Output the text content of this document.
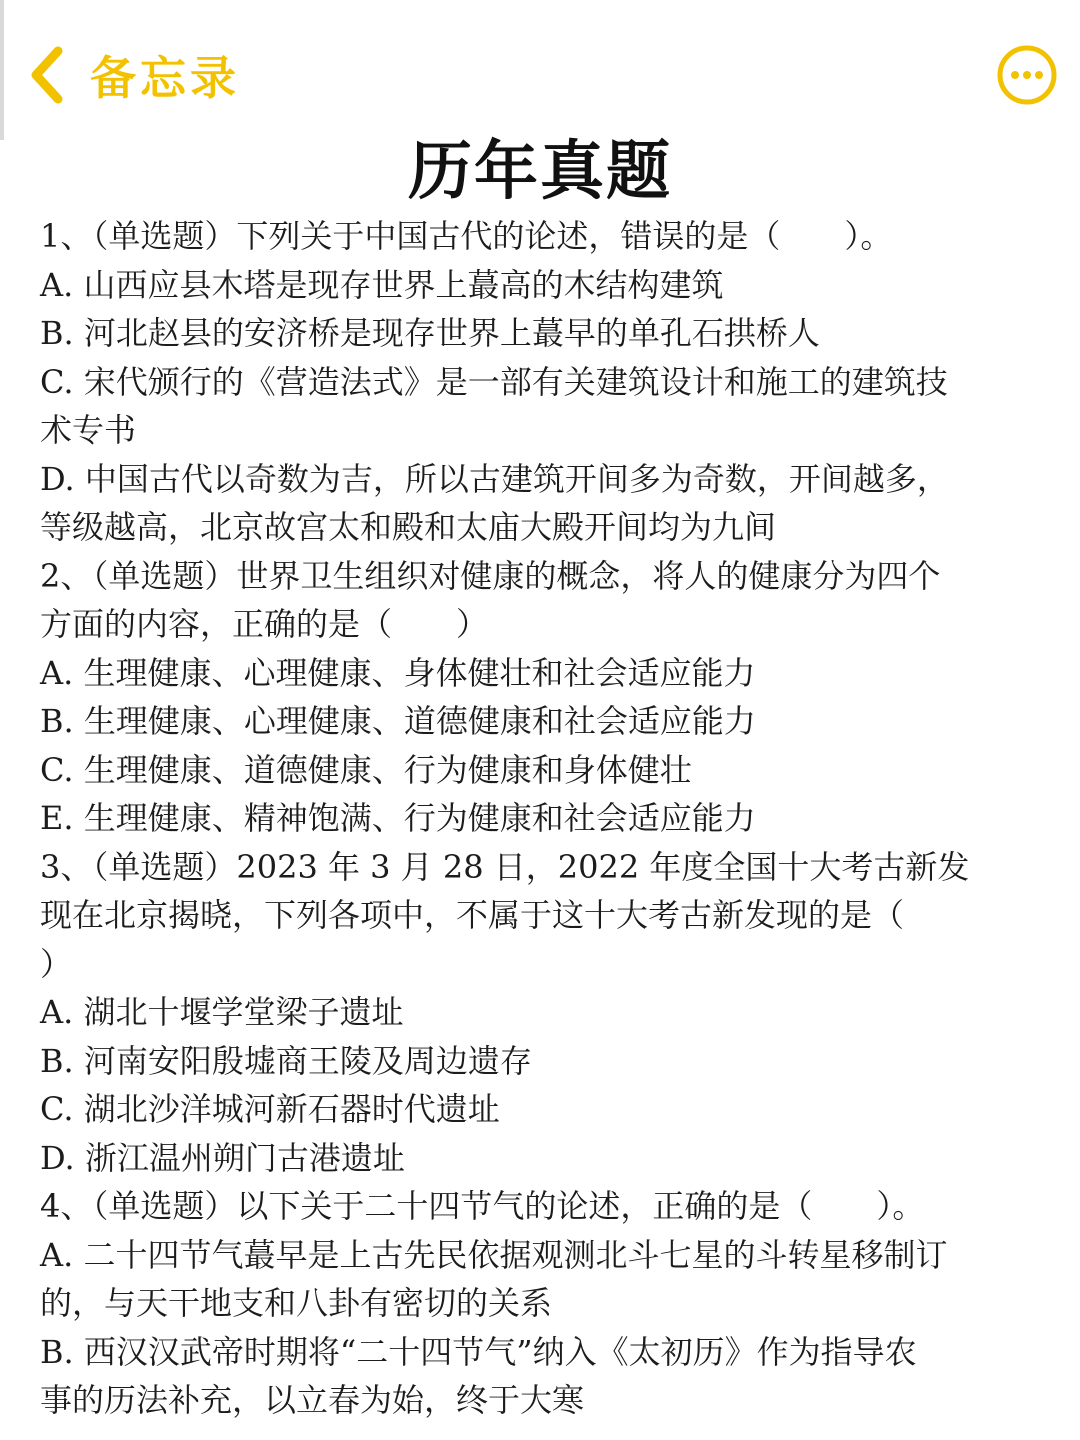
备忘录
历年真题
1、（单选题）下列关于中国古代的论述，错误的是（　　）。
A. 山西应县木塔是现存世界上蕞高的木结构建筑
B. 河北赵县的安济桥是现存世界上蕞早的单孔石拱桥人
C. 宋代颁行的《营造法式》是一部有关建筑设计和施工的建筑技
术专书
D. 中国古代以奇数为吉，所以古建筑开间多为奇数，开间越多，
等级越高，北京故宫太和殿和太庙大殿开间均为九间
2、（单选题）世界卫生组织对健康的概念，将人的健康分为四个
方面的内容，正确的是（　　）
A. 生理健康、心理健康、身体健壮和社会适应能力
B. 生理健康、心理健康、道德健康和社会适应能力
C. 生理健康、道德健康、行为健康和身体健壮
E. 生理健康、精神饱满、行为健康和社会适应能力
3、（单选题）2023 年 3 月 28 日，2022 年度全国十大考古新发
现在北京揭晓，下列各项中，不属于这十大考古新发现的是（
）
A. 湖北十堰学堂梁子遗址
B. 河南安阳殷墟商王陵及周边遗存
C. 湖北沙洋城河新石器时代遗址
D. 浙江温州朔门古港遗址
4、（单选题）以下关于二十四节气的论述，正确的是（　　）。
A. 二十四节气蕞早是上古先民依据观测北斗七星的斗转星移制订
的，与天干地支和八卦有密切的关系
B. 西汉汉武帝时期将“二十四节气”纳入《太初历》作为指导农
事的历法补充，以立春为始，终于大寒
